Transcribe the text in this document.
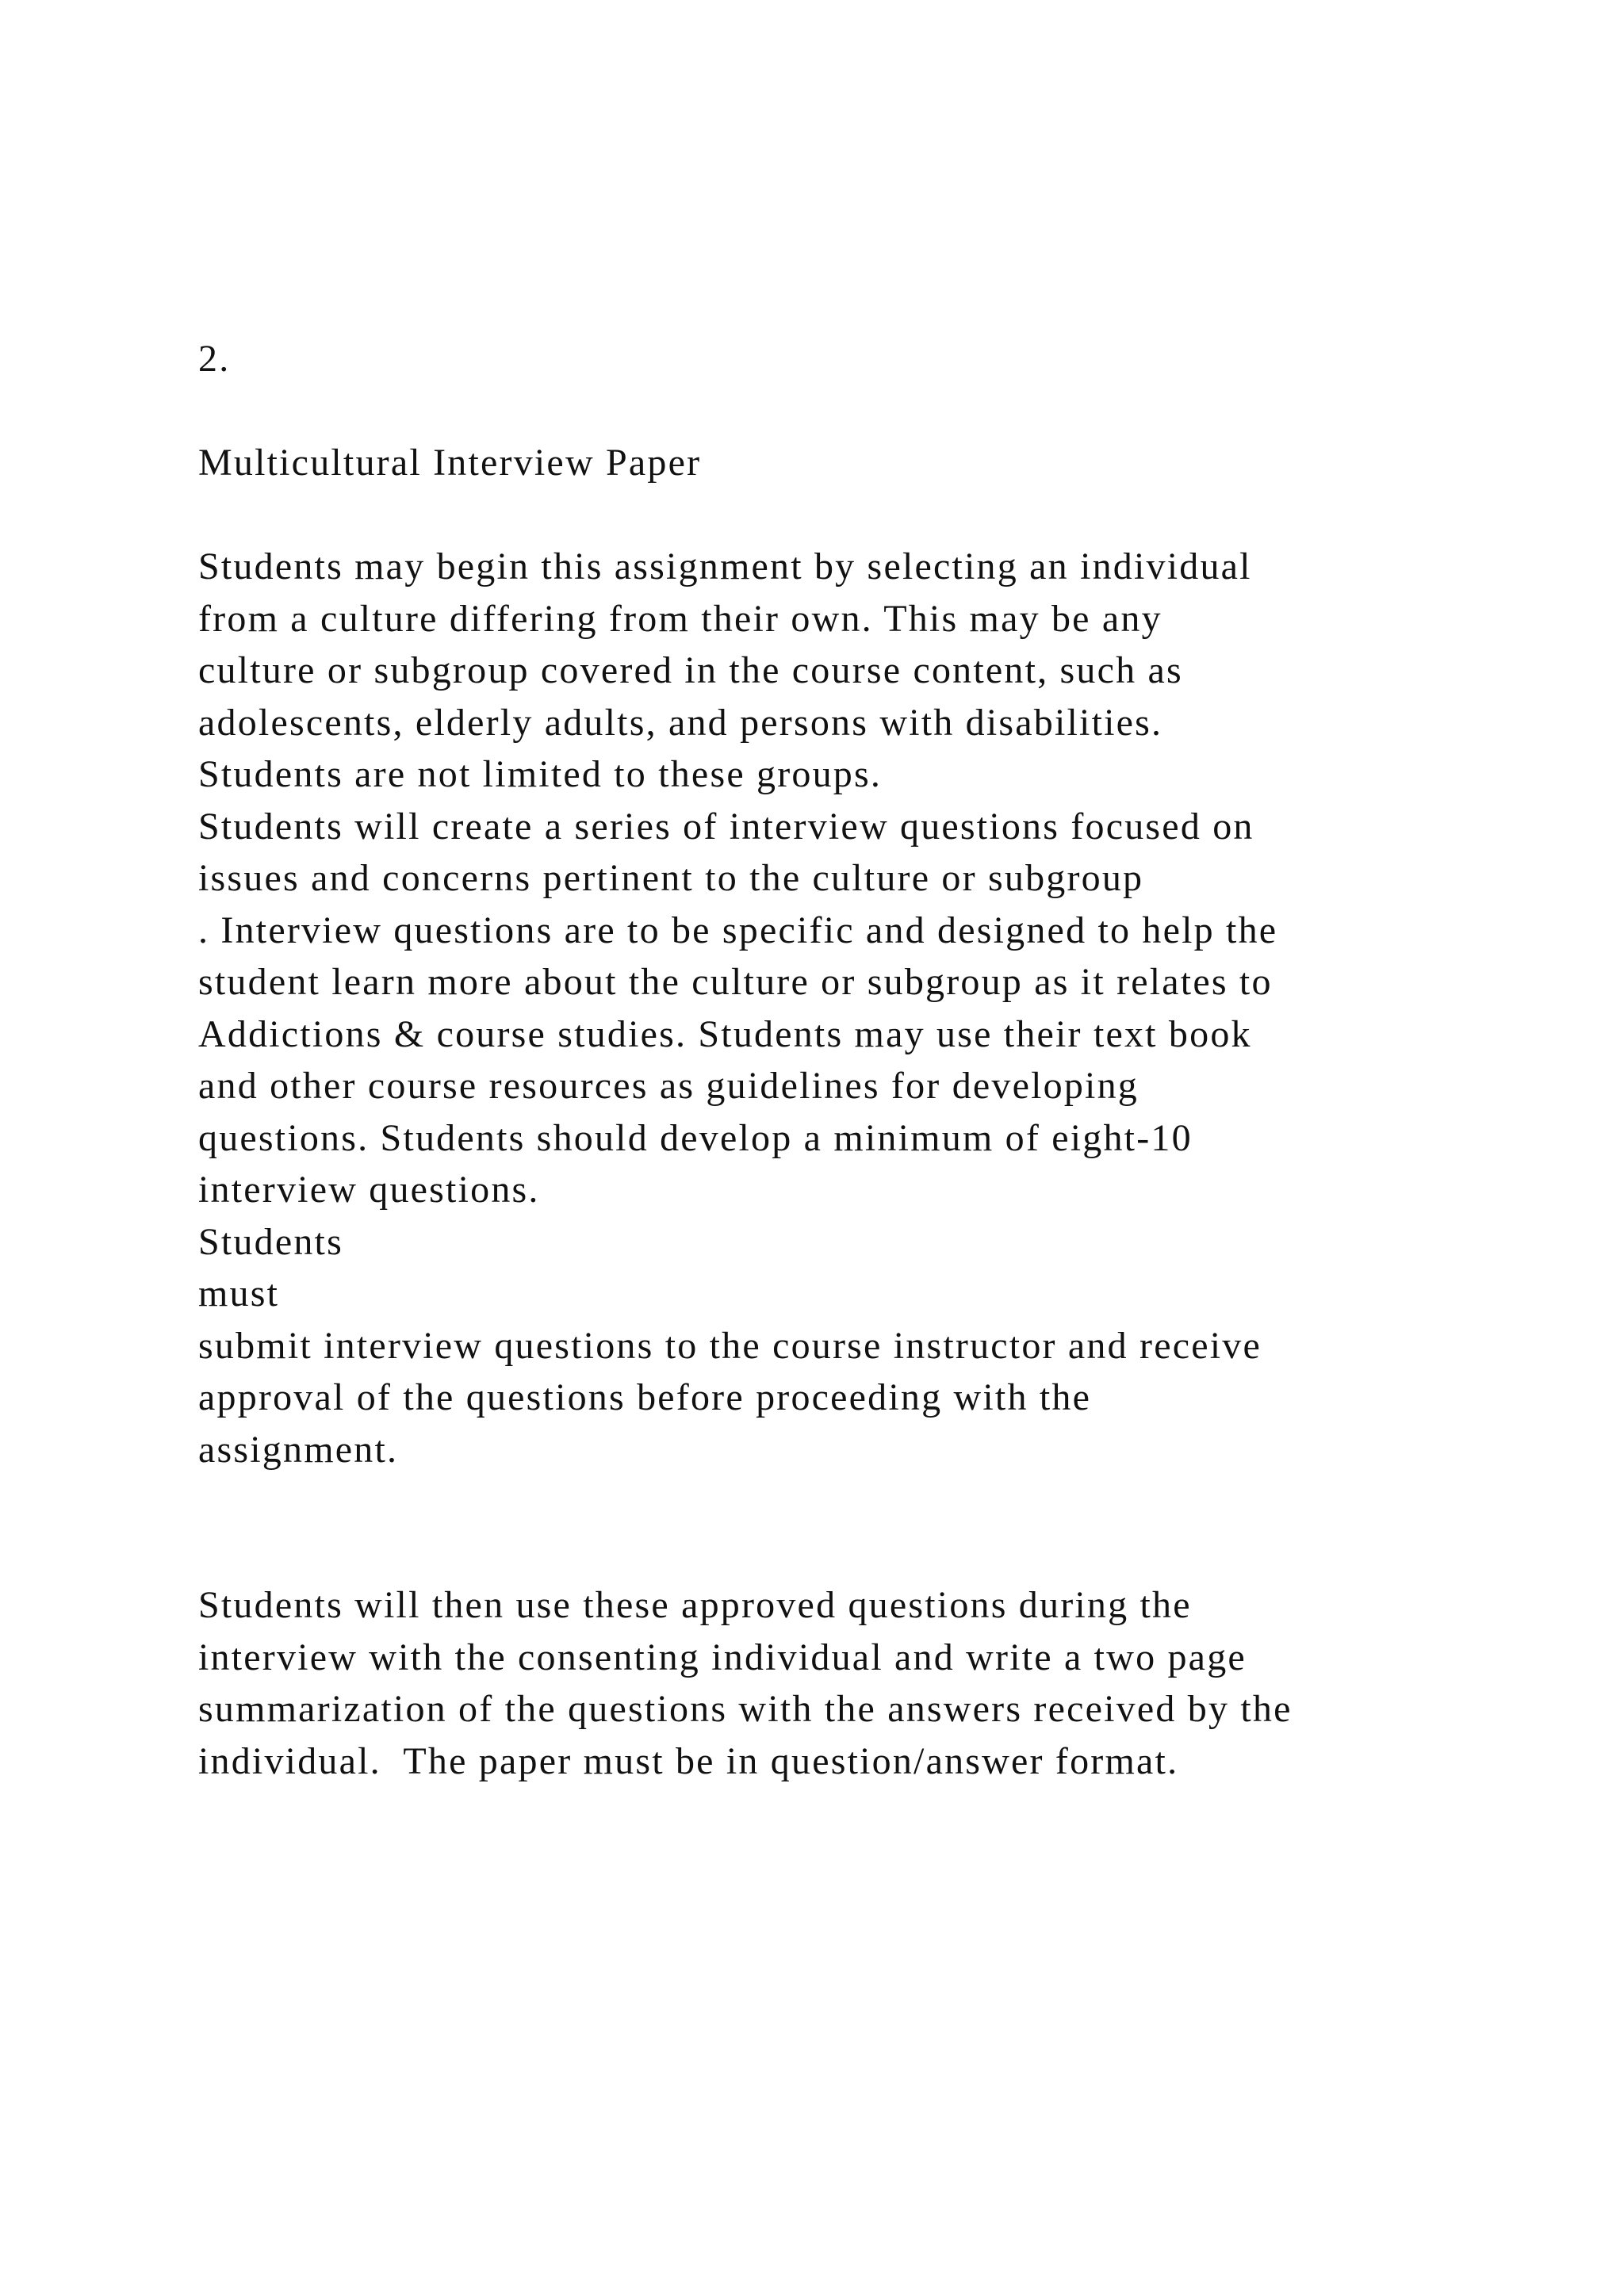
2.
Multicultural Interview Paper
Students may begin this assignment by selecting an individual
from a culture differing from their own. This may be any
culture or subgroup covered in the course content, such as
adolescents, elderly adults, and persons with disabilities.
Students are not limited to these groups.
Students will create a series of interview questions focused on
issues and concerns pertinent to the culture or subgroup
. Interview questions are to be specific and designed to help the
student learn more about the culture or subgroup as it relates to
Addictions & course studies. Students may use their text book
and other course resources as guidelines for developing
questions. Students should develop a minimum of eight-10
interview questions.
Students
must
submit interview questions to the course instructor and receive
approval of the questions before proceeding with the
assignment.
Students will then use these approved questions during the
interview with the consenting individual and write a two page
summarization of the questions with the answers received by the
individual.  The paper must be in question/answer format.
